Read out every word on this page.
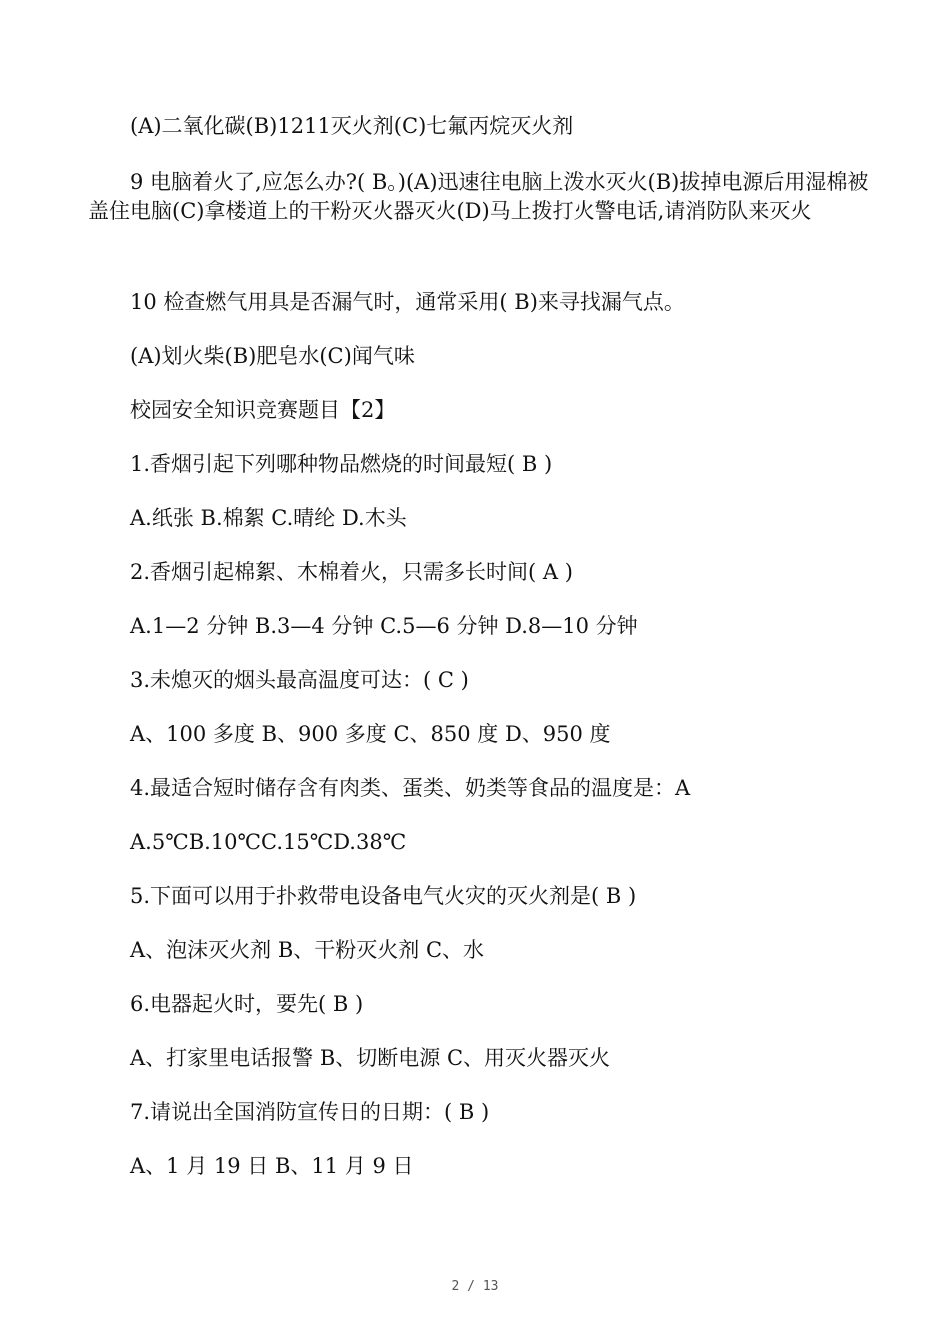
(A)二氧化碳(B)1211灭火剂(C)七氟丙烷灭火剂
9 电脑着火了,应怎么办?( B。)(A)迅速往电脑上泼水灭火(B)拔掉电源后用湿棉被盖住电脑(C)拿楼道上的干粉灭火器灭火(D)马上拨打火警电话,请消防队来灭火
10 检查燃气用具是否漏气时，通常采用( B)来寻找漏气点。
(A)划火柴(B)肥皂水(C)闻气味
校园安全知识竞赛题目【2】
1.香烟引起下列哪种物品燃烧的时间最短( B )
A.纸张 B.棉絮 C.晴纶 D.木头
2.香烟引起棉絮、木棉着火，只需多长时间( A )
A.1—2 分钟 B.3—4 分钟 C.5—6 分钟 D.8—10 分钟
3.未熄灭的烟头最高温度可达：( C )
A、100 多度 B、900 多度 C、850 度 D、950 度
4.最适合短时储存含有肉类、蛋类、奶类等食品的温度是：A
A.5℃B.10℃C.15℃D.38℃
5.下面可以用于扑救带电设备电气火灾的灭火剂是( B )
A、泡沫灭火剂 B、干粉灭火剂 C、水
6.电器起火时，要先( B )
A、打家里电话报警 B、切断电源 C、用灭火器灭火
7.请说出全国消防宣传日的日期：( B )
A、1 月 19 日 B、11 月 9 日
2 / 13
